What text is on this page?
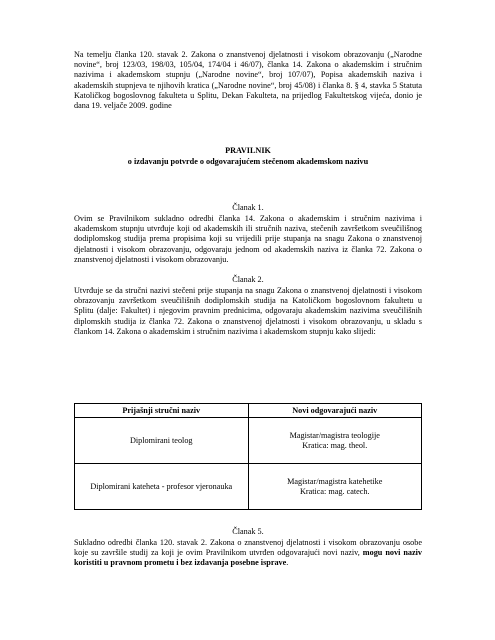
Na temelju članka 120. stavak 2. Zakona o znanstvenoj djelatnosti i visokom obrazovanju („Narodne novine“, broj 123/03, 198/03, 105/04, 174/04 i 46/07), članka 14. Zakona o akademskim i stručnim nazivima i akademskom stupnju („Narodne novine“, broj 107/07), Popisa akademskih naziva i akademskih stupnjeva te njihovih kratica („Narodne novine“, broj 45/08) i članka 8. § 4, stavka 5 Statuta Katoličkog bogoslovnog fakulteta u Splitu, Dekan Fakulteta, na prijedlog Fakultetskog vijeća, donio je dana 19. veljače 2009. godine

PRAVILNIK

o izdavanju potvrde o odgovarajućem stečenom akademskom nazivu

Članak 1.

Ovim se Pravilnikom sukladno odredbi članka 14. Zakona o akademskim i stručnim nazivima i akademskom stupnju utvrđuje koji od akademskih ili stručnih naziva, stečenih završetkom sveučilišnog dodiplomskog studija prema propisima koji su vrijedili prije stupanja na snagu Zakona o znanstvenoj djelatnosti i visokom obrazovanju, odgovaraju jednom od akademskih naziva iz članka 72. Zakona o znanstvenoj djelatnosti i visokom obrazovanju.

Članak 2.

Utvrđuje se da stručni nazivi stečeni prije stupanja na snagu Zakona o znanstvenoj djelatnosti i visokom obrazovanju završetkom sveučilišnih dodiplomskih studija na Katoličkom bogoslovnom fakultetu u Splitu (dalje: Fakultet) i njegovim pravnim prednicima, odgovaraju akademskim nazivima sveučilišnih diplomskih studija iz članka 72. Zakona o znanstvenoj djelatnosti i visokom obrazovanju, u skladu s člankom 14. Zakona o akademskim i stručnim nazivima i akademskom stupnju kako slijedi:

Prijašnji stručni naziv	Novi odgovarajući naziv
Diplomirani teolog	Magistar/magistra teologije
Kratica: mag. theol.

Diplomirani kateheta - profesor vjeronauka	Magistar/magistra katehetike
Kratica: mag. catech.

Članak 5.

Sukladno odredbi članka 120. stavak 2. Zakona o znanstvenoj djelatnosti i visokom obrazovanju osobe koje su završile studij za koji je ovim Pravilnikom utvrđen odgovarajući novi naziv, mogu novi naziv koristiti u pravnom prometu i bez izdavanja posebne isprave.
